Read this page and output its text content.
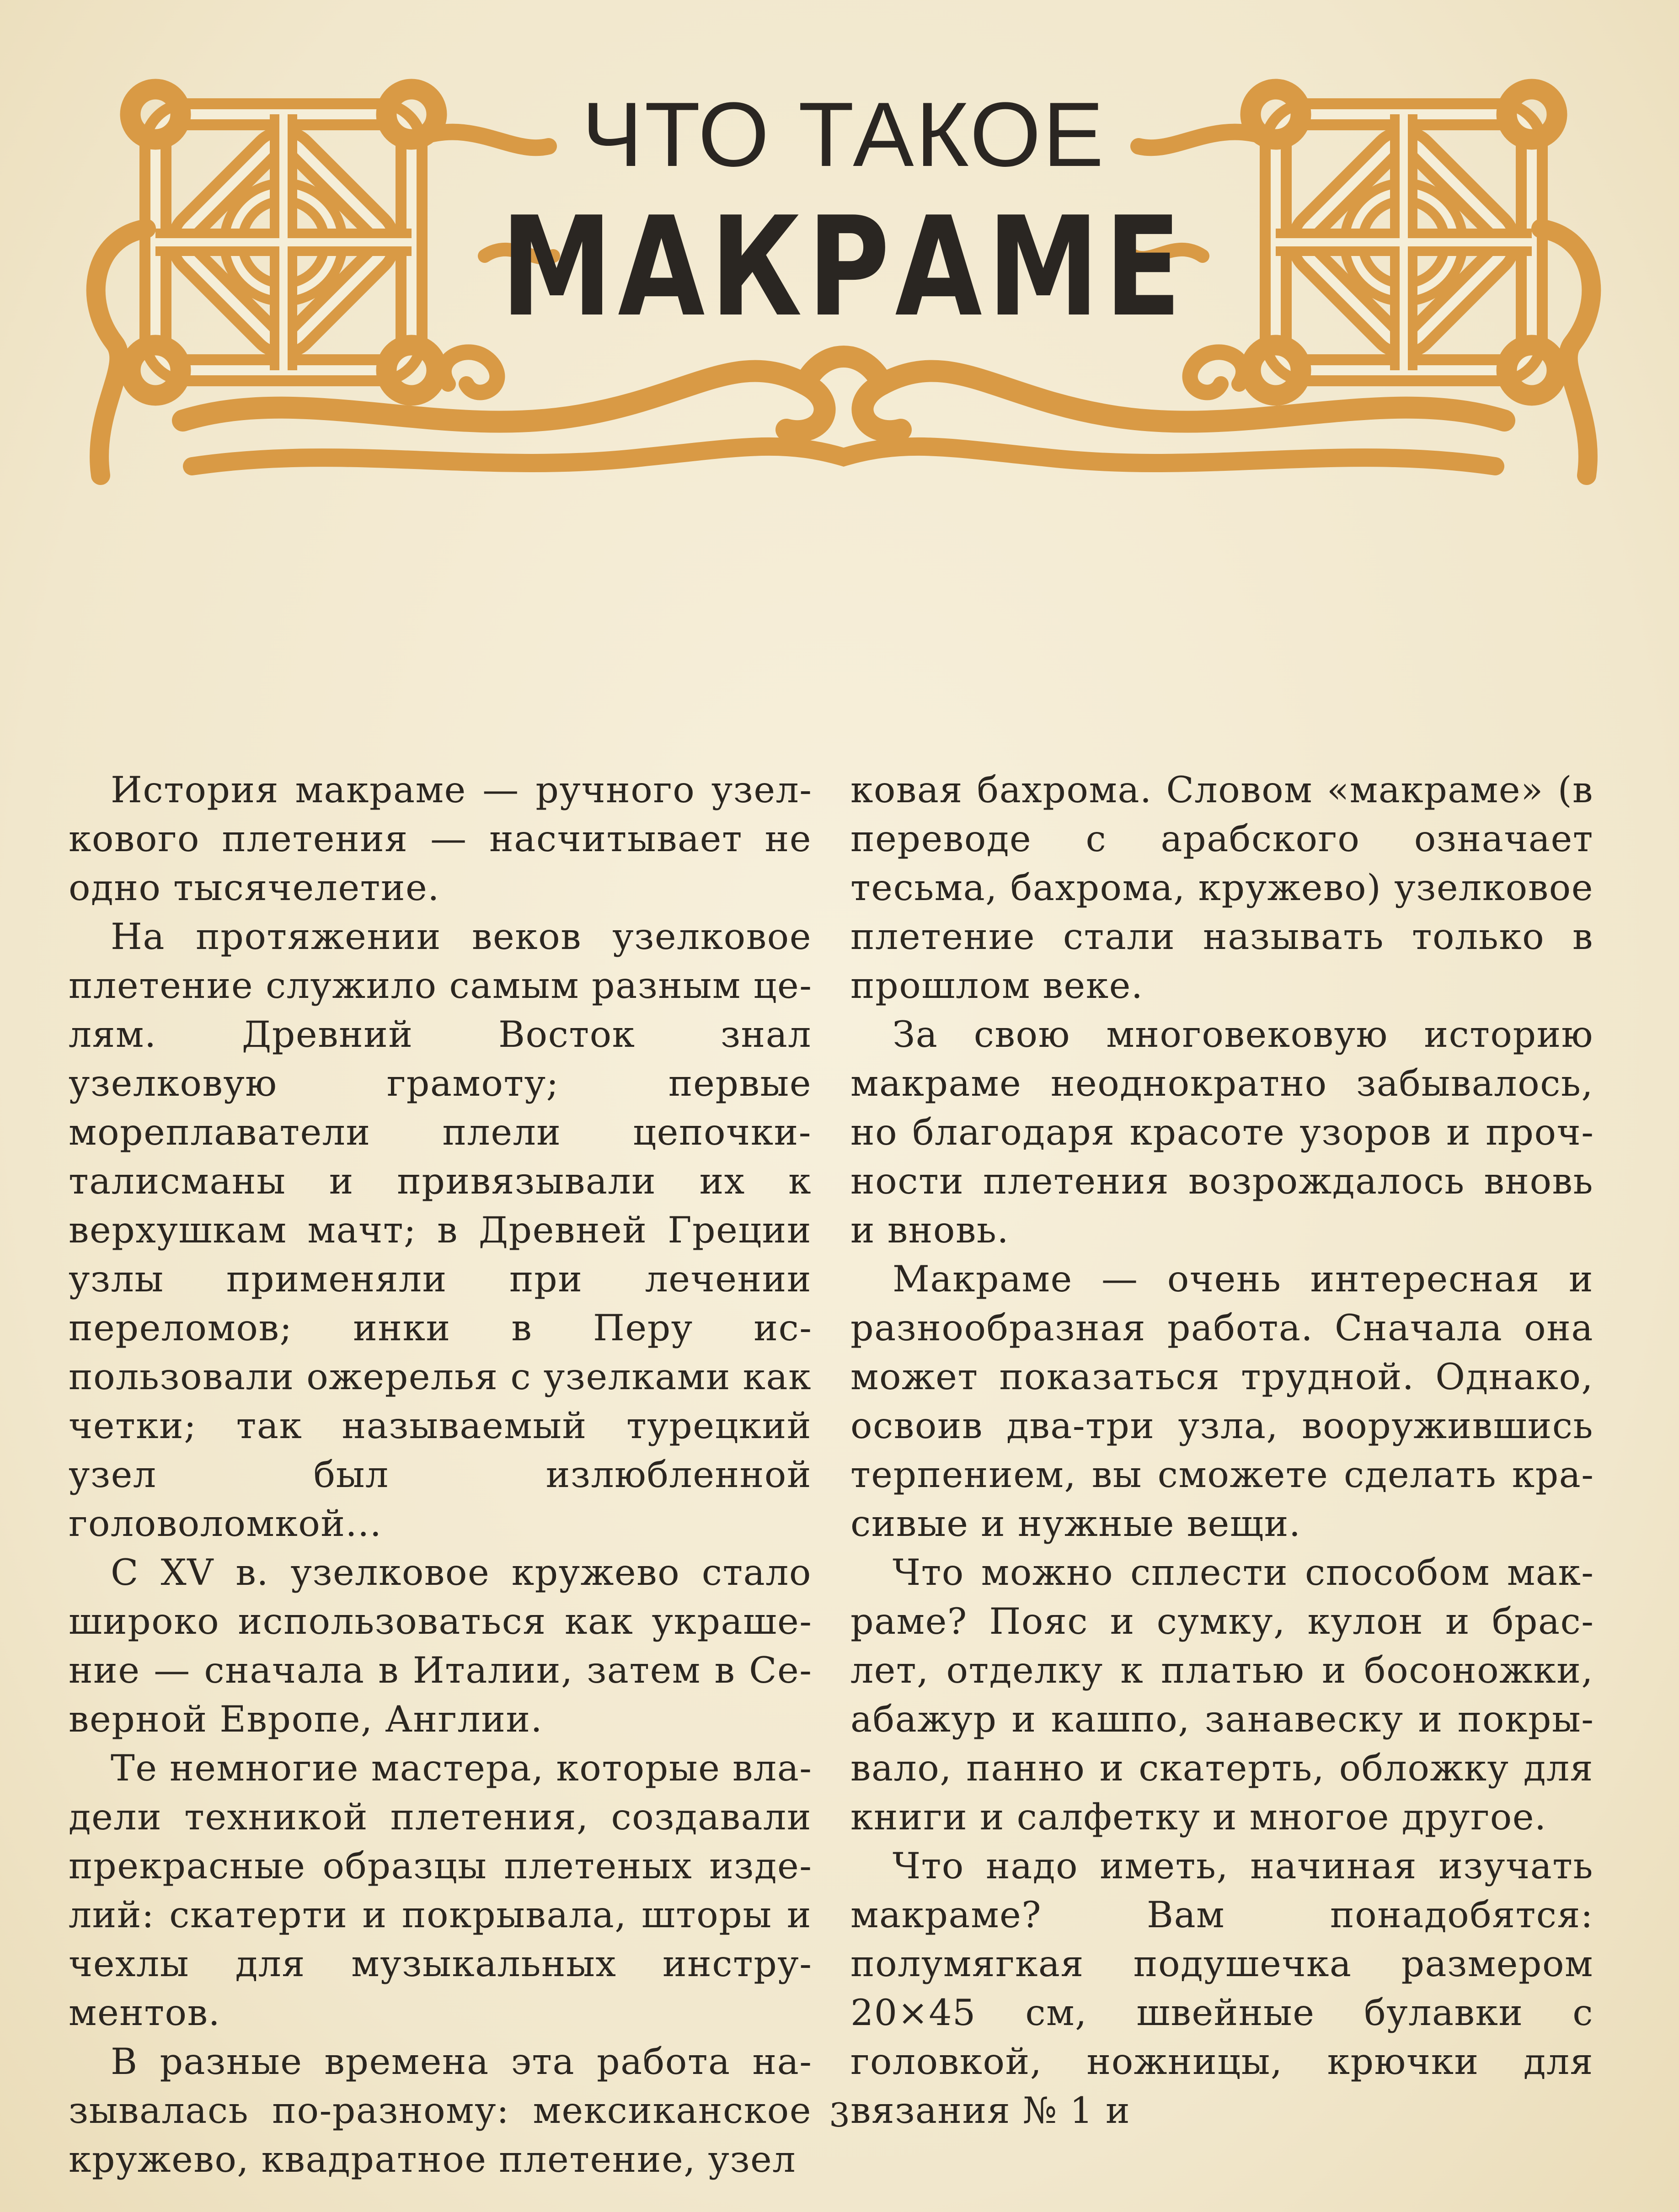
ЧТО ТАКОЕ
МАКРАМЕ

История макраме — ручного узелкового плетения — насчитывает не одно тысячелетие.

На протяжении веков узелковое плетение служило самым разным целям. Древний Восток знал узелковую грамоту; первые мореплаватели плели цепочки-талисманы и привязывали их к верхушкам мачт; в Древней Греции узлы применяли при лечении переломов; инки в Перу использовали ожерелья с узелками как четки; так называемый турецкий узел был излюбленной головоломкой...

С XV в. узелковое кружево стало широко использоваться как украшение — сначала в Италии, затем в Северной Европе, Англии.

Те немногие мастера, которые владели техникой плетения, создавали прекрасные образцы плетеных изделий: скатерти и покрывала, шторы и чехлы для музыкальных инструментов.

В разные времена эта работа называлась по-разному: мексиканское кружево, квадратное плетение, узел

ковая бахрома. Словом «макраме» (в переводе с арабского означает тесьма, бахрома, кружево) узелковое плетение стали называть только в прошлом веке.

За свою многовековую историю макраме неоднократно забывалось, но благодаря красоте узоров и прочности плетения возрождалось вновь и вновь.

Макраме — очень интересная и разнообразная работа. Сначала она может показаться трудной. Однако, освоив два-три узла, вооружившись терпением, вы сможете сделать красивые и нужные вещи.

Что можно сплести способом макраме? Пояс и сумку, кулон и браслет, отделку к платью и босоножки, абажур и кашпо, занавеску и покрывало, панно и скатерть, обложку для книги и салфетку и многое другое.

Что надо иметь, начиная изучать макраме? Вам понадобятся: полумягкая подушечка размером 20×45 см, швейные булавки с головкой, ножницы, крючки для вязания № 1 и

3
